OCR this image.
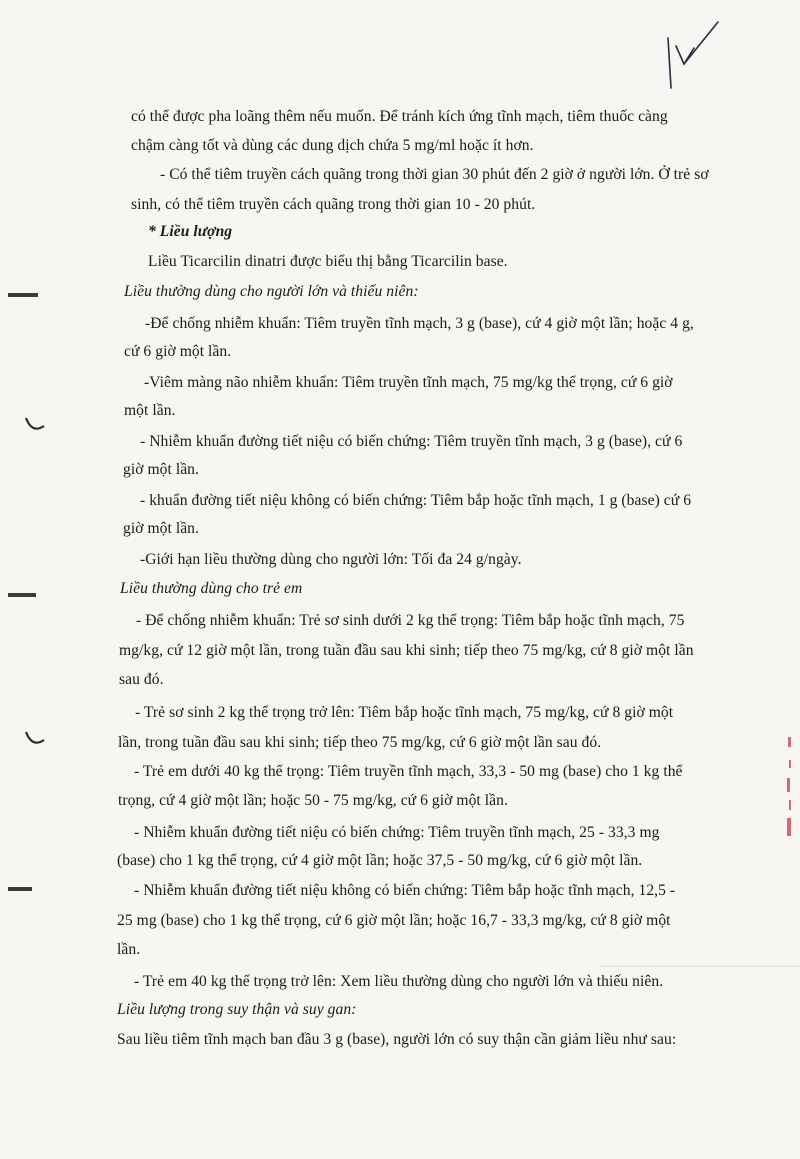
có thể được pha loãng thêm nếu muốn. Để tránh kích ứng tĩnh mạch, tiêm thuốc càng
chậm càng tốt và dùng các dung dịch chứa 5 mg/ml hoặc ít hơn.
- Có thể tiêm truyền cách quãng trong thời gian 30 phút đến 2 giờ ở người lớn. Ở trẻ sơ
sinh, có thể tiêm truyền cách quãng trong thời gian 10 - 20 phút.
* Liều lượng
Liều Ticarcilin dinatri được biểu thị bằng Ticarcilin base.
Liều thường dùng cho người lớn và thiếu niên:
-Để chống nhiễm khuẩn: Tiêm truyền tĩnh mạch, 3 g (base), cứ 4 giờ một lần; hoặc 4 g,
cứ 6 giờ một lần.
-Viêm màng não nhiễm khuẩn: Tiêm truyền tĩnh mạch, 75 mg/kg thể trọng, cứ 6 giờ
một lần.
- Nhiễm khuẩn đường tiết niệu có biến chứng: Tiêm truyền tĩnh mạch, 3 g (base), cứ 6
giờ một lần.
- khuẩn đường tiết niệu không có biến chứng: Tiêm bắp hoặc tĩnh mạch, 1 g (base) cứ 6
giờ một lần.
-Giới hạn liều thường dùng cho người lớn: Tối đa 24 g/ngày.
Liều thường dùng cho trẻ em
- Để chống nhiễm khuẩn: Trẻ sơ sinh dưới 2 kg thể trọng: Tiêm bắp hoặc tĩnh mạch, 75
mg/kg, cứ 12 giờ một lần, trong tuần đầu sau khi sinh; tiếp theo 75 mg/kg, cứ 8 giờ một lần
sau đó.
- Trẻ sơ sinh 2 kg thể trọng trở lên: Tiêm bắp hoặc tĩnh mạch, 75 mg/kg, cứ 8 giờ một
lần, trong tuần đầu sau khi sinh; tiếp theo 75 mg/kg, cứ 6 giờ một lần sau đó.
- Trẻ em dưới 40 kg thể trọng: Tiêm truyền tĩnh mạch, 33,3 - 50 mg (base) cho 1 kg thể
trọng, cứ 4 giờ một lần; hoặc 50 - 75 mg/kg, cứ 6 giờ một lần.
- Nhiễm khuẩn đường tiết niệu có biến chứng: Tiêm truyền tĩnh mạch, 25 - 33,3 mg
(base) cho 1 kg thể trọng, cứ 4 giờ một lần; hoặc 37,5 - 50 mg/kg, cứ 6 giờ một lần.
- Nhiễm khuẩn đường tiết niệu không có biến chứng: Tiêm bắp hoặc tĩnh mạch, 12,5 -
25 mg (base) cho 1 kg thể trọng, cứ 6 giờ một lần; hoặc 16,7 - 33,3 mg/kg, cứ 8 giờ một
lần.
- Trẻ em 40 kg thể trọng trở lên: Xem liều thường dùng cho người lớn và thiếu niên.
Liều lượng trong suy thận và suy gan:
Sau liều tiêm tĩnh mạch ban đầu 3 g (base), người lớn có suy thận cần giảm liều như sau:
